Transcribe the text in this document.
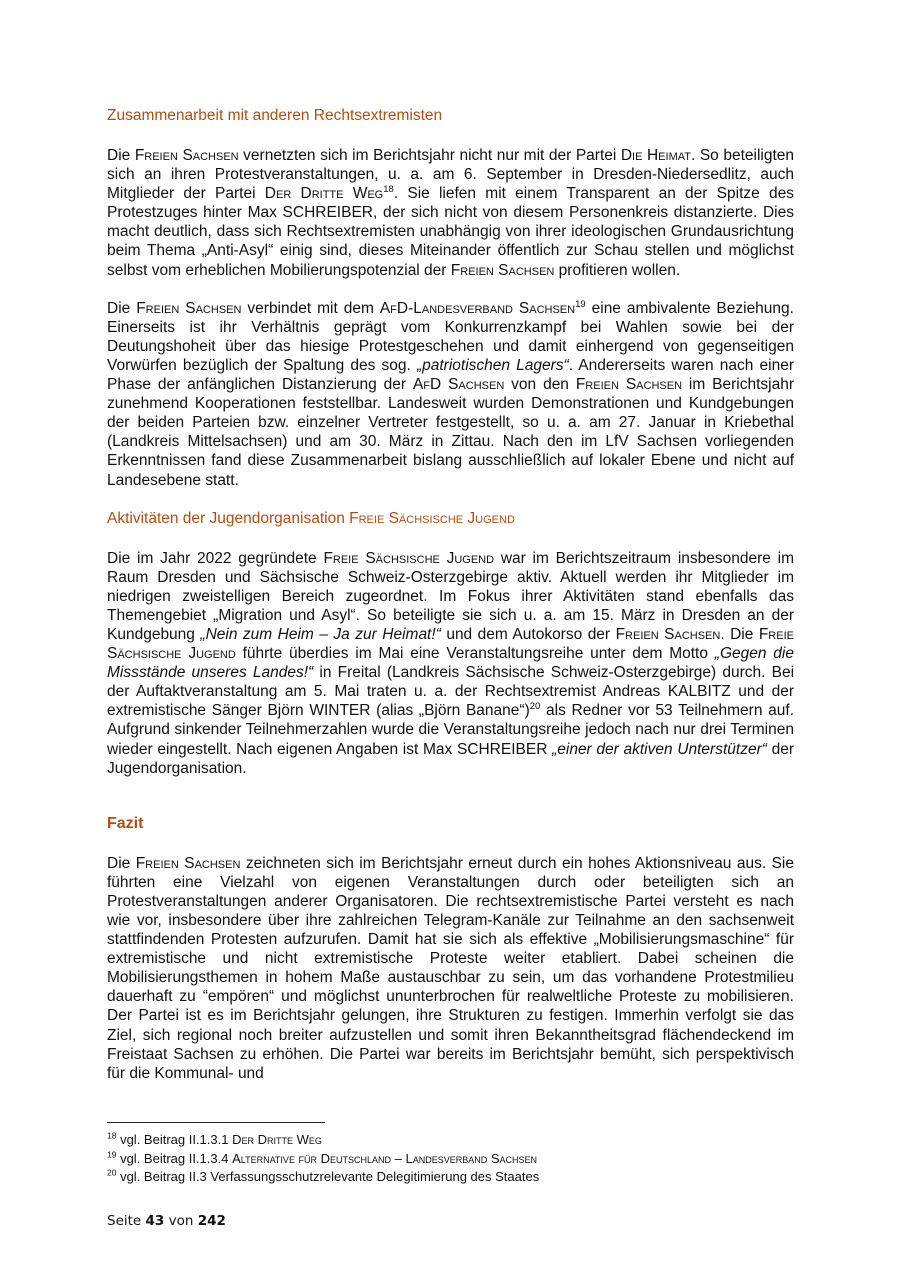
Zusammenarbeit mit anderen Rechtsextremisten

Die Freien Sachsen vernetzten sich im Berichtsjahr nicht nur mit der Partei Die Heimat. So beteiligten sich an ihren Protestveranstaltungen, u. a. am 6. September in Dresden-Niedersedlitz, auch Mitglieder der Partei Der Dritte Weg$^{18}$. Sie liefen mit einem Transparent an der Spitze des Protestzuges hinter Max SCHREIBER, der sich nicht von diesem Personenkreis distanzierte. Dies macht deutlich, dass sich Rechtsextremisten unabhängig von ihrer ideologischen Grundausrichtung beim Thema „Anti-Asyl“ einig sind, dieses Miteinander öffentlich zur Schau stellen und möglichst selbst vom erheblichen Mobilierungspotenzial der Freien Sachsen profitieren wollen.

Die Freien Sachsen verbindet mit dem AfD-Landesverband Sachsen$^{19}$ eine ambivalente Beziehung. Einerseits ist ihr Verhältnis geprägt vom Konkurrenzkampf bei Wahlen sowie bei der Deutungshoheit über das hiesige Protestgeschehen und damit einhergend von gegenseitigen Vorwürfen bezüglich der Spaltung des sog. „patriotischen Lagers“. Andererseits waren nach einer Phase der anfänglichen Distanzierung der AfD Sachsen von den Freien Sachsen im Berichtsjahr zunehmend Kooperationen feststellbar. Landesweit wurden Demonstrationen und Kundgebungen der beiden Parteien bzw. einzelner Vertreter festgestellt, so u. a. am 27. Januar in Kriebethal (Landkreis Mittelsachsen) und am 30. März in Zittau. Nach den im LfV Sachsen vorliegenden Erkenntnissen fand diese Zusammenarbeit bislang ausschließlich auf lokaler Ebene und nicht auf Landesebene statt.

Aktivitäten der Jugendorganisation Freie Sächsische Jugend

Die im Jahr 2022 gegründete Freie Sächsische Jugend war im Berichtszeitraum insbesondere im Raum Dresden und Sächsische Schweiz-Osterzgebirge aktiv. Aktuell werden ihr Mitglieder im niedrigen zweistelligen Bereich zugeordnet. Im Fokus ihrer Aktivitäten stand ebenfalls das Themengebiet „Migration und Asyl“. So beteiligte sie sich u. a. am 15. März in Dresden an der Kundgebung „Nein zum Heim – Ja zur Heimat!“ und dem Autokorso der Freien Sachsen. Die Freie Sächsische Jugend führte überdies im Mai eine Veranstaltungsreihe unter dem Motto „Gegen die Missstände unseres Landes!“ in Freital (Landkreis Sächsische Schweiz-Osterzgebirge) durch. Bei der Auftaktveranstaltung am 5. Mai traten u. a. der Rechtsextremist Andreas KALBITZ und der extremistische Sänger Björn WINTER (alias „Björn Banane“)$^{20}$ als Redner vor 53 Teilnehmern auf. Aufgrund sinkender Teilnehmerzahlen wurde die Veranstaltungsreihe jedoch nach nur drei Terminen wieder eingestellt. Nach eigenen Angaben ist Max SCHREIBER „einer der aktiven Unterstützer“ der Jugendorganisation.

Fazit

Die Freien Sachsen zeichneten sich im Berichtsjahr erneut durch ein hohes Aktionsniveau aus. Sie führten eine Vielzahl von eigenen Veranstaltungen durch oder beteiligten sich an Protestveranstaltungen anderer Organisatoren. Die rechtsextremistische Partei versteht es nach wie vor, insbesondere über ihre zahlreichen Telegram-Kanäle zur Teilnahme an den sachsenweit stattfindenden Protesten aufzurufen. Damit hat sie sich als effektive „Mobilisierungsmaschine“ für extremistische und nicht extremistische Proteste weiter etabliert. Dabei scheinen die Mobilisierungsthemen in hohem Maße austauschbar zu sein, um das vorhandene Protestmilieu dauerhaft zu “empören“ und möglichst ununterbrochen für realweltliche Proteste zu mobilisieren. Der Partei ist es im Berichtsjahr gelungen, ihre Strukturen zu festigen. Immerhin verfolgt sie das Ziel, sich regional noch breiter aufzustellen und somit ihren Bekanntheitsgrad flächendeckend im Freistaat Sachsen zu erhöhen. Die Partei war bereits im Berichtsjahr bemüht, sich perspektivisch für die Kommunal- und

$^{18}$ vgl. Beitrag II.1.3.1 Der Dritte Weg
$^{19}$ vgl. Beitrag II.1.3.4 Alternative für Deutschland – Landesverband Sachsen
$^{20}$ vgl. Beitrag II.3 Verfassungsschutzrelevante Delegitimierung des Staates
Seite 43 von 242
